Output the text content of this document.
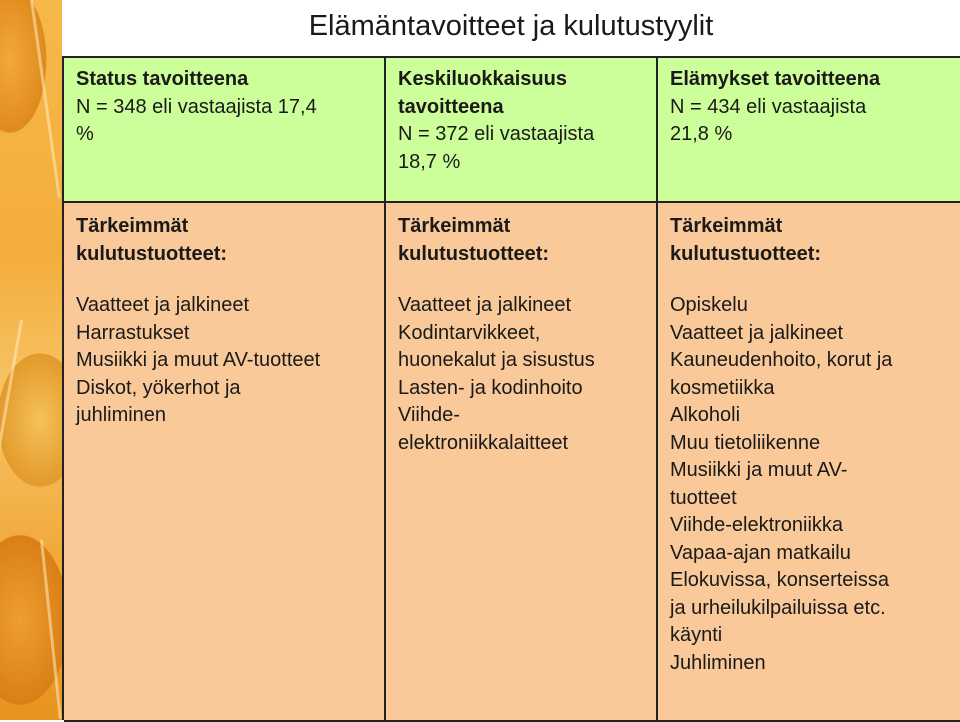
Elämäntavoitteet ja kulutustyylit
Status tavoitteena
N = 348 eli vastaajista 17,4
%
Keskiluokkaisuus
tavoitteena
N = 372 eli vastaajista
18,7 %
Elämykset tavoitteena
N = 434 eli vastaajista
21,8 %
Tärkeimmät
kulutustuotteet:
Vaatteet ja jalkineet
Harrastukset
Musiikki ja muut AV-tuotteet
Diskot, yökerhot ja
juhliminen
Tärkeimmät
kulutustuotteet:
Vaatteet ja jalkineet
Kodintarvikkeet,
huonekalut ja sisustus
Lasten- ja kodinhoito
Viihde-
elektroniikkalaitteet
Tärkeimmät
kulutustuotteet:
Opiskelu
Vaatteet ja jalkineet
Kauneudenhoito, korut ja
kosmetiikka
Alkoholi
Muu tietoliikenne
Musiikki ja muut AV-
tuotteet
Viihde-elektroniikka
Vapaa-ajan matkailu
Elokuvissa, konserteissa
ja urheilukilpailuissa etc.
käynti
Juhliminen
